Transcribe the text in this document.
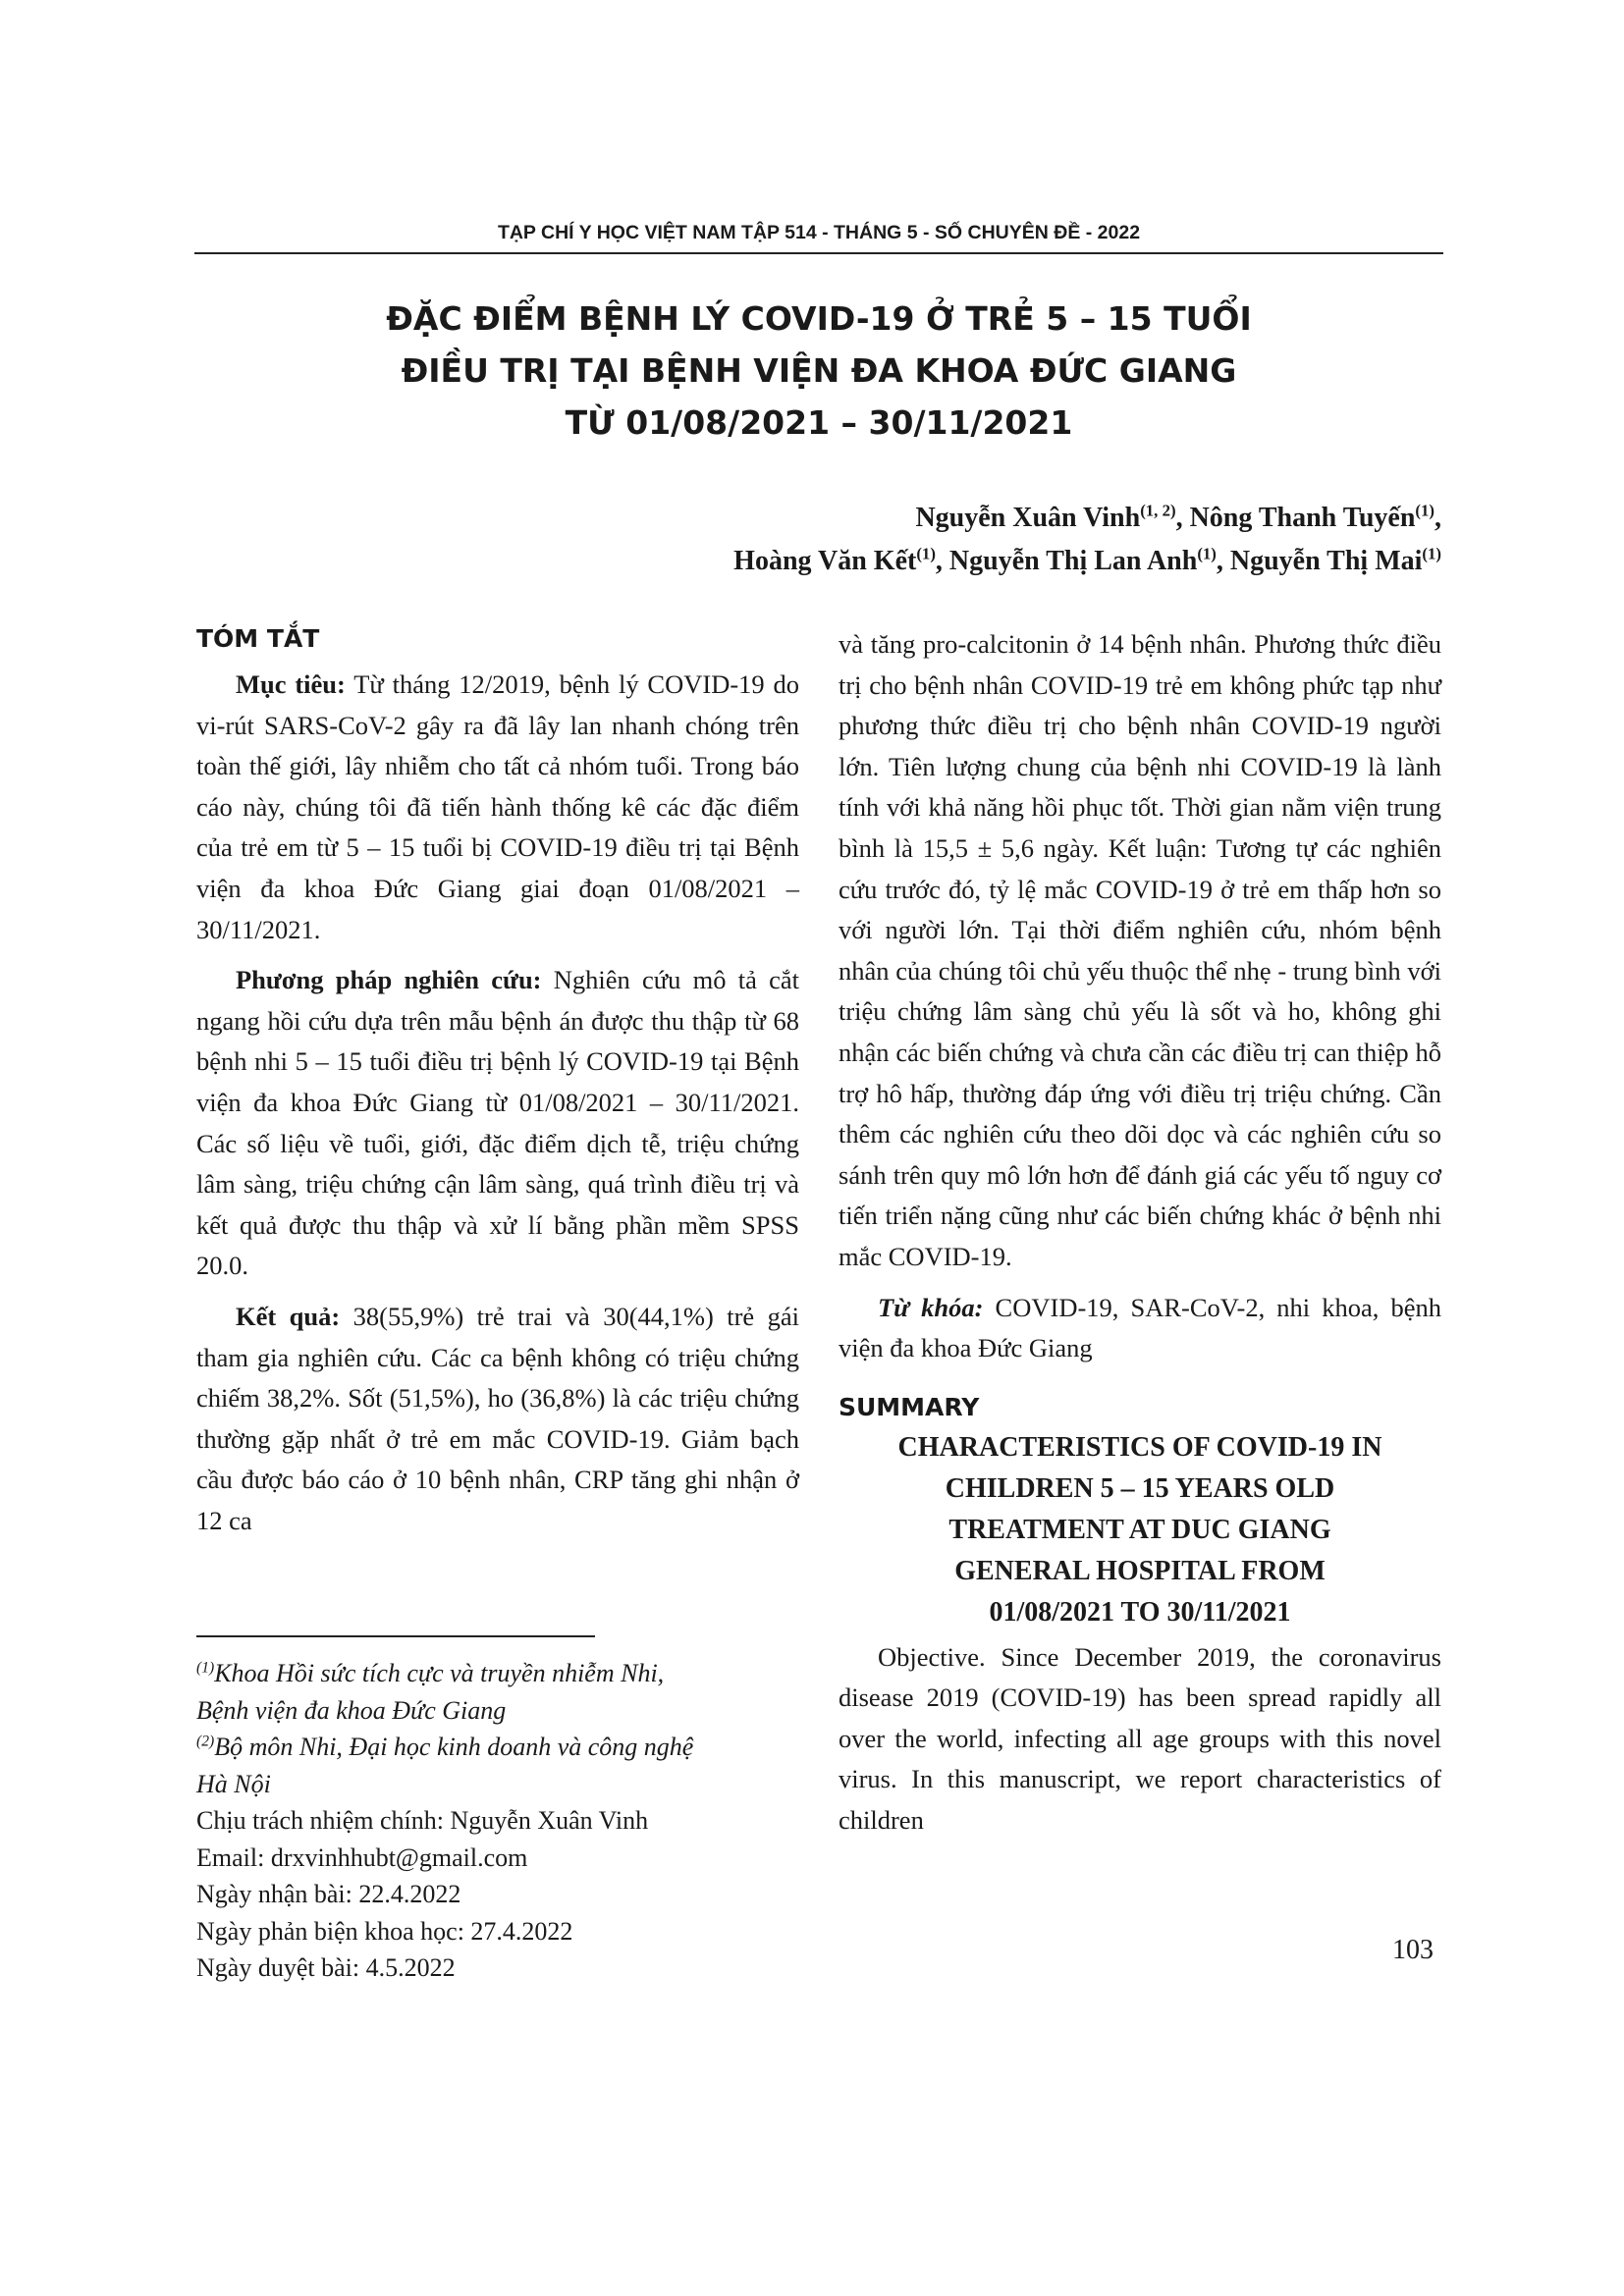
TẠP CHÍ Y HỌC VIỆT NAM TẬP 514 - THÁNG 5 - SỐ CHUYÊN ĐỀ - 2022
ĐẶC ĐIỂM BỆNH LÝ COVID-19 Ở TRẺ 5 – 15 TUỔI
ĐIỀU TRỊ TẠI BỆNH VIỆN ĐA KHOA ĐỨC GIANG
TỪ 01/08/2021 – 30/11/2021
Nguyễn Xuân Vinh$^{(1, 2)}$, Nông Thanh Tuyến$^{(1)}$,
Hoàng Văn Kết$^{(1)}$, Nguyễn Thị Lan Anh$^{(1)}$, Nguyễn Thị Mai$^{(1)}$
TÓM TẮT

Mục tiêu: Từ tháng 12/2019, bệnh lý COVID-19 do vi-rút SARS-CoV-2 gây ra đã lây lan nhanh chóng trên toàn thế giới, lây nhiễm cho tất cả nhóm tuổi. Trong báo cáo này, chúng tôi đã tiến hành thống kê các đặc điểm của trẻ em từ 5 – 15 tuổi bị COVID-19 điều trị tại Bệnh viện đa khoa Đức Giang giai đoạn 01/08/2021 – 30/11/2021.

Phương pháp nghiên cứu: Nghiên cứu mô tả cắt ngang hồi cứu dựa trên mẫu bệnh án được thu thập từ 68 bệnh nhi 5 – 15 tuổi điều trị bệnh lý COVID-19 tại Bệnh viện đa khoa Đức Giang từ 01/08/2021 – 30/11/2021. Các số liệu về tuổi, giới, đặc điểm dịch tễ, triệu chứng lâm sàng, triệu chứng cận lâm sàng, quá trình điều trị và kết quả được thu thập và xử lí bằng phần mềm SPSS 20.0.

Kết quả: 38(55,9%) trẻ trai và 30(44,1%) trẻ gái tham gia nghiên cứu. Các ca bệnh không có triệu chứng chiếm 38,2%. Sốt (51,5%), ho (36,8%) là các triệu chứng thường gặp nhất ở trẻ em mắc COVID-19. Giảm bạch cầu được báo cáo ở 10 bệnh nhân, CRP tăng ghi nhận ở 12 ca

$^{(1)}$Khoa Hồi sức tích cực và truyền nhiễm Nhi,
Bệnh viện đa khoa Đức Giang
$^{(2)}$Bộ môn Nhi, Đại học kinh doanh và công nghệ
Hà Nội
Chịu trách nhiệm chính: Nguyễn Xuân Vinh
Email: drxvinhhubt@gmail.com
Ngày nhận bài: 22.4.2022
Ngày phản biện khoa học: 27.4.2022
Ngày duyệt bài: 4.5.2022

và tăng pro-calcitonin ở 14 bệnh nhân. Phương thức điều trị cho bệnh nhân COVID-19 trẻ em không phức tạp như phương thức điều trị cho bệnh nhân COVID-19 người lớn. Tiên lượng chung của bệnh nhi COVID-19 là lành tính với khả năng hồi phục tốt. Thời gian nằm viện trung bình là 15,5 ± 5,6 ngày. Kết luận: Tương tự các nghiên cứu trước đó, tỷ lệ mắc COVID-19 ở trẻ em thấp hơn so với người lớn. Tại thời điểm nghiên cứu, nhóm bệnh nhân của chúng tôi chủ yếu thuộc thể nhẹ - trung bình với triệu chứng lâm sàng chủ yếu là sốt và ho, không ghi nhận các biến chứng và chưa cần các điều trị can thiệp hỗ trợ hô hấp, thường đáp ứng với điều trị triệu chứng. Cần thêm các nghiên cứu theo dõi dọc và các nghiên cứu so sánh trên quy mô lớn hơn để đánh giá các yếu tố nguy cơ tiến triển nặng cũng như các biến chứng khác ở bệnh nhi mắc COVID-19.

Từ khóa: COVID-19, SAR-CoV-2, nhi khoa, bệnh viện đa khoa Đức Giang

SUMMARY
CHARACTERISTICS OF COVID-19 IN
CHILDREN 5 – 15 YEARS OLD
TREATMENT AT DUC GIANG
GENERAL HOSPITAL FROM
01/08/2021 TO 30/11/2021

Objective. Since December 2019, the coronavirus disease 2019 (COVID-19) has been spread rapidly all over the world, infecting all age groups with this novel virus. In this manuscript, we report characteristics of children

103
